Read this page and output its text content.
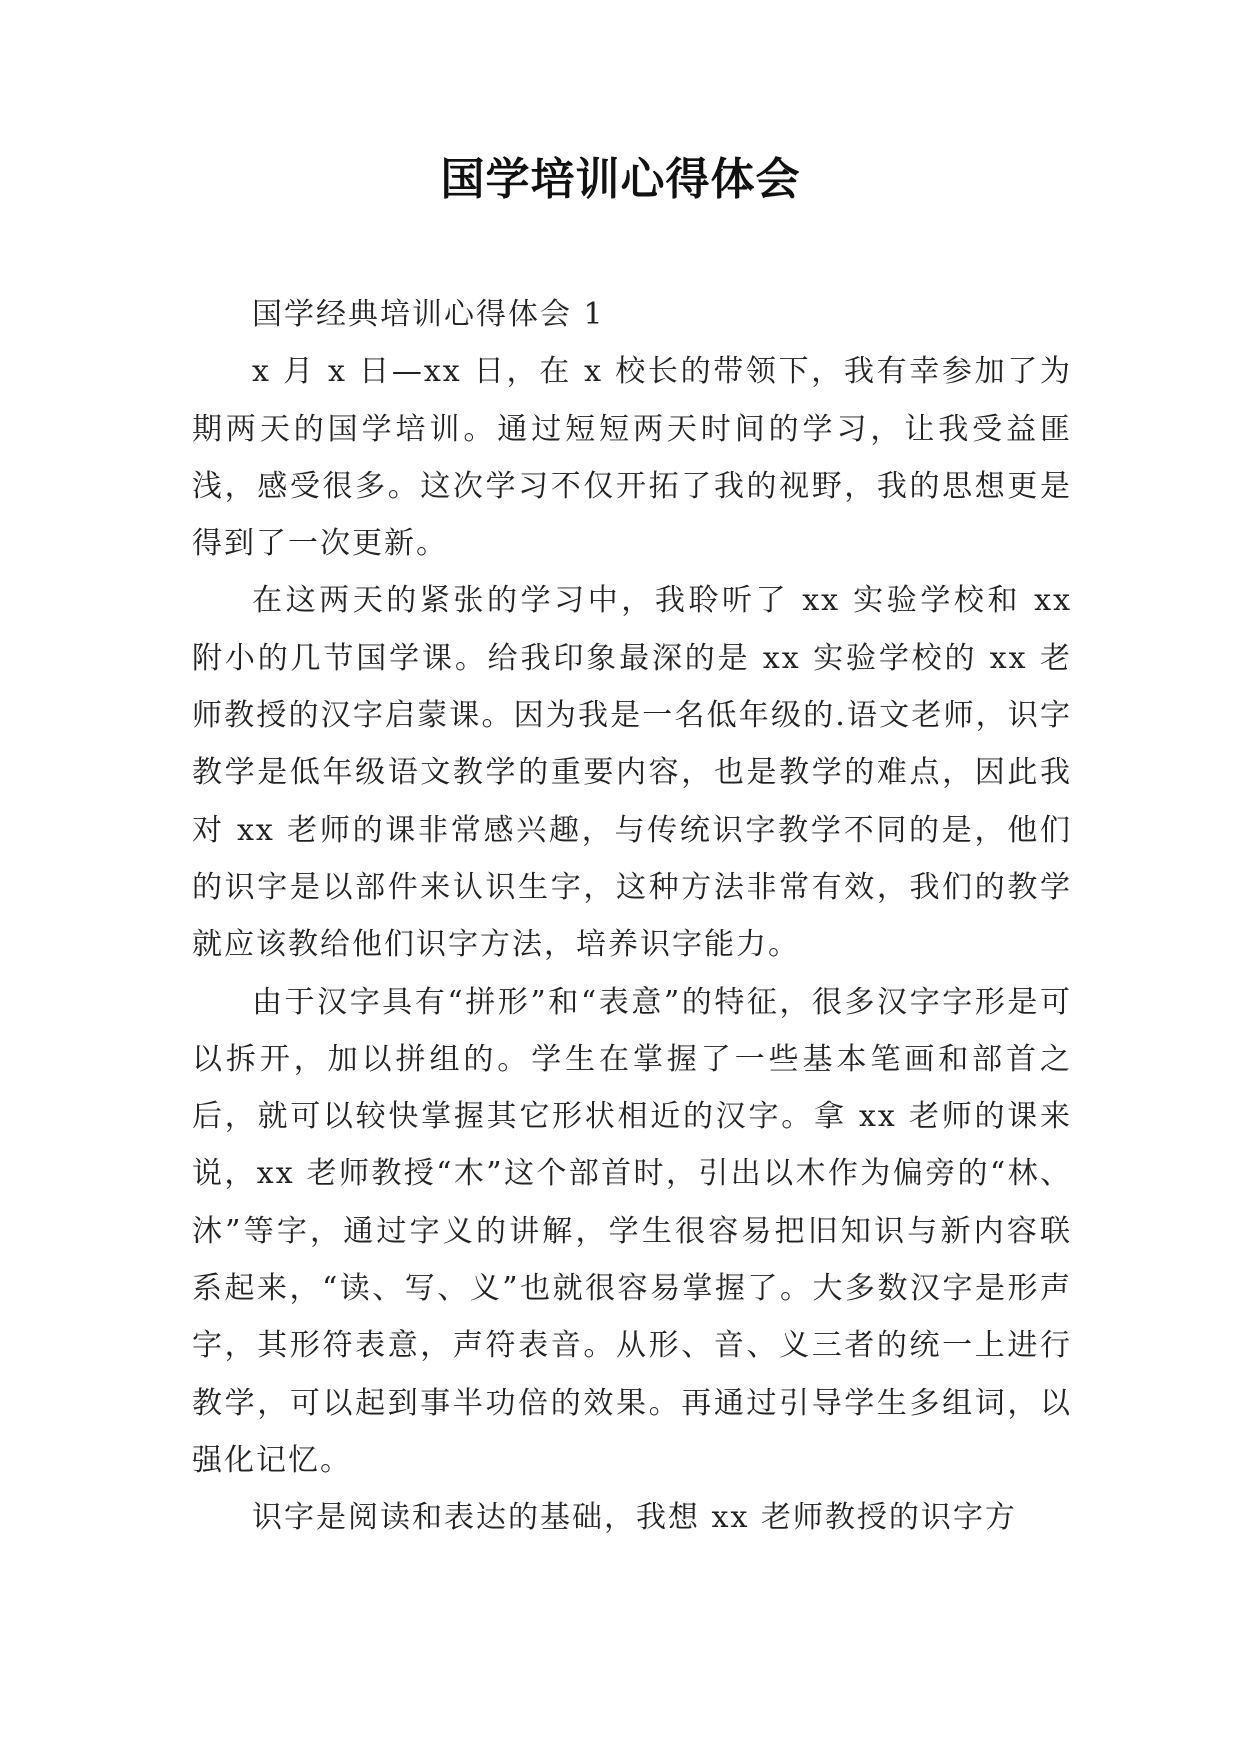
国学培训心得体会

国学经典培训心得体会 1

x 月 x 日—xx 日，在 x 校长的带领下，我有幸参加了为期两天的国学培训。通过短短两天时间的学习，让我受益匪浅，感受很多。这次学习不仅开拓了我的视野，我的思想更是得到了一次更新。

在这两天的紧张的学习中，我聆听了 xx 实验学校和 xx 附小的几节国学课。给我印象最深的是 xx 实验学校的 xx 老师教授的汉字启蒙课。因为我是一名低年级的.语文老师，识字教学是低年级语文教学的重要内容，也是教学的难点，因此我对 xx 老师的课非常感兴趣，与传统识字教学不同的是，他们的识字是以部件来认识生字，这种方法非常有效，我们的教学就应该教给他们识字方法，培养识字能力。

由于汉字具有“拼形”和“表意”的特征，很多汉字字形是可以拆开，加以拼组的。学生在掌握了一些基本笔画和部首之后，就可以较快掌握其它形状相近的汉字。拿 xx 老师的课来说，xx 老师教授“木”这个部首时，引出以木作为偏旁的“林、沐”等字，通过字义的讲解，学生很容易把旧知识与新内容联系起来，“读、写、义”也就很容易掌握了。大多数汉字是形声字，其形符表意，声符表音。从形、音、义三者的统一上进行教学，可以起到事半功倍的效果。再通过引导学生多组词，以强化记忆。

识字是阅读和表达的基础，我想 xx 老师教授的识字方
